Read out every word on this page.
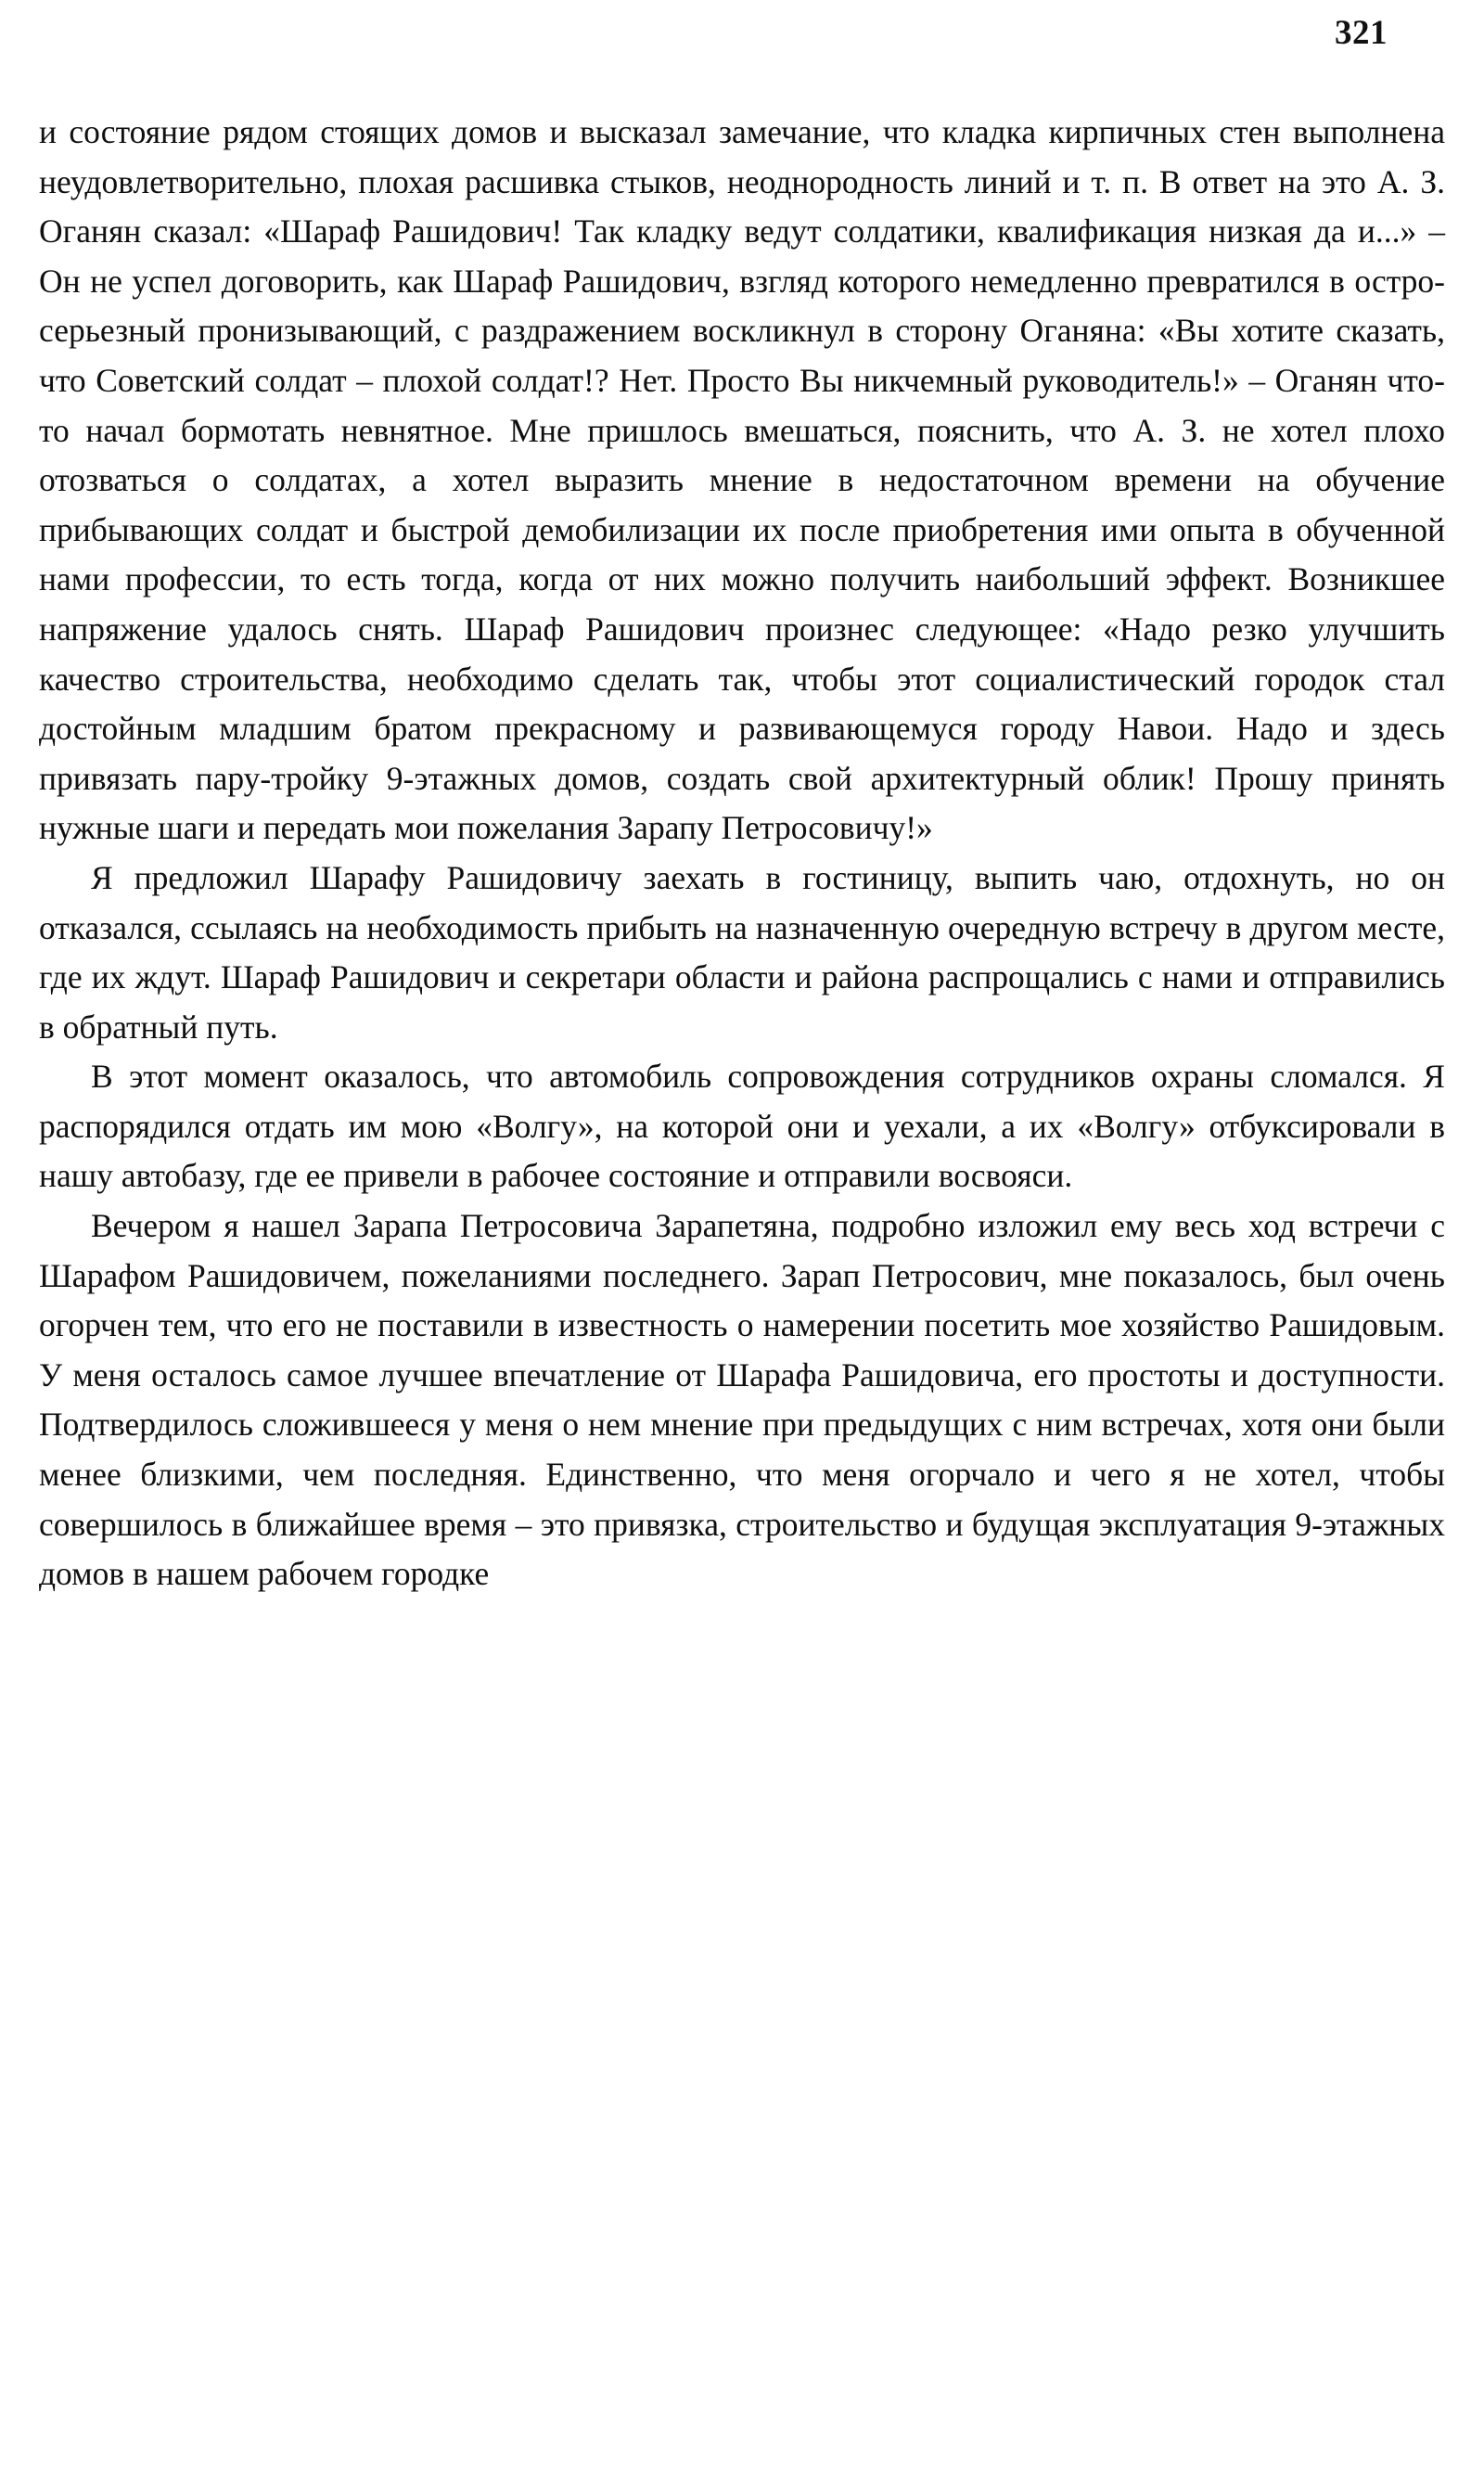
321

и состояние рядом стоящих домов и высказал замечание, что кладка кирпичных стен выполнена неудовлетворительно, плохая расшивка стыков, неоднородность линий и т. п. В ответ на это А. З. Оганян сказал: «Шараф Рашидович! Так кладку ведут солдатики, квалификация низкая да и...» – Он не успел договорить, как Шараф Рашидович, взгляд которого немедленно превратился в остро-серьезный пронизывающий, с раздражением воскликнул в сторону Оганяна: «Вы хотите сказать, что Советский солдат – плохой солдат!? Нет. Просто Вы никчемный руководитель!» – Оганян что-то начал бормотать невнятное. Мне пришлось вмешаться, пояснить, что А. З. не хотел плохо отозваться о солдатах, а хотел выразить мнение в недостаточном времени на обучение прибывающих солдат и быстрой демобилизации их после приобретения ими опыта в обученной нами профессии, то есть тогда, когда от них можно получить наибольший эффект. Возникшее напряжение удалось снять. Шараф Рашидович произнес следующее: «Надо резко улучшить качество строительства, необходимо сделать так, чтобы этот социалистический городок стал достойным младшим братом прекрасному и развивающемуся городу Навои. Надо и здесь привязать пару-тройку 9-этажных домов, создать свой архитектурный облик! Прошу принять нужные шаги и передать мои пожелания Зарапу Петросовичу!»

Я предложил Шарафу Рашидовичу заехать в гостиницу, выпить чаю, отдохнуть, но он отказался, ссылаясь на необходимость прибыть на назначенную очередную встречу в другом месте, где их ждут. Шараф Рашидович и секретари области и района распрощались с нами и отправились в обратный путь.

В этот момент оказалось, что автомобиль сопровождения сотрудников охраны сломался. Я распорядился отдать им мою «Волгу», на которой они и уехали, а их «Волгу» отбуксировали в нашу автобазу, где ее привели в рабочее состояние и отправили восвояси.

Вечером я нашел Зарапа Петросовича Зарапетяна, подробно изложил ему весь ход встречи с Шарафом Рашидовичем, пожеланиями последнего. Зарап Петросович, мне показалось, был очень огорчен тем, что его не поставили в известность о намерении посетить мое хозяйство Рашидовым. У меня осталось самое лучшее впечатление от Шарафа Рашидовича, его простоты и доступности. Подтвердилось сложившееся у меня о нем мнение при предыдущих с ним встречах, хотя они были менее близкими, чем последняя. Единственно, что меня огорчало и чего я не хотел, чтобы совершилось в ближайшее время – это привязка, строительство и будущая эксплуатация 9-этажных домов в нашем рабочем городке
